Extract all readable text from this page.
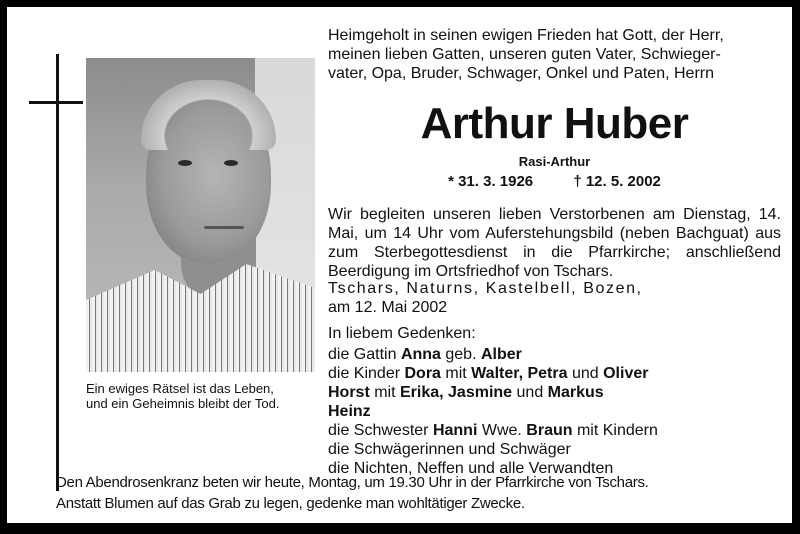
Ein ewiges Rätsel ist das Leben,
und ein Geheimnis bleibt der Tod.
Heimgeholt in seinen ewigen Frieden hat Gott, der Herr,
meinen lieben Gatten, unseren guten Vater, Schwieger-
vater, Opa, Bruder, Schwager, Onkel und Paten, Herrn
Arthur Huber
Rasi-Arthur
* 31. 3. 1926	† 12. 5. 2002
Wir begleiten unseren lieben Verstorbenen am Dienstag, 14. Mai, um 14 Uhr vom Auferstehungsbild (neben Bachguat) aus zum Sterbegottesdienst in die Pfarrkirche; anschließend Beerdigung im Ortsfriedhof von Tschars.
Tschars, Naturns, Kastelbell, Bozen,
am 12. Mai 2002

In liebem Gedenken:

die Gattin Anna geb. Alber

die Kinder Dora mit Walter, Petra und Oliver

Horst mit Erika, Jasmine und Markus

Heinz

die Schwester Hanni Wwe. Braun mit Kindern

die Schwägerinnen und Schwäger

die Nichten, Neffen und alle Verwandten

Den Abendrosenkranz beten wir heute, Montag, um 19.30 Uhr in der Pfarrkirche von Tschars.
Anstatt Blumen auf das Grab zu legen, gedenke man wohltätiger Zwecke.
